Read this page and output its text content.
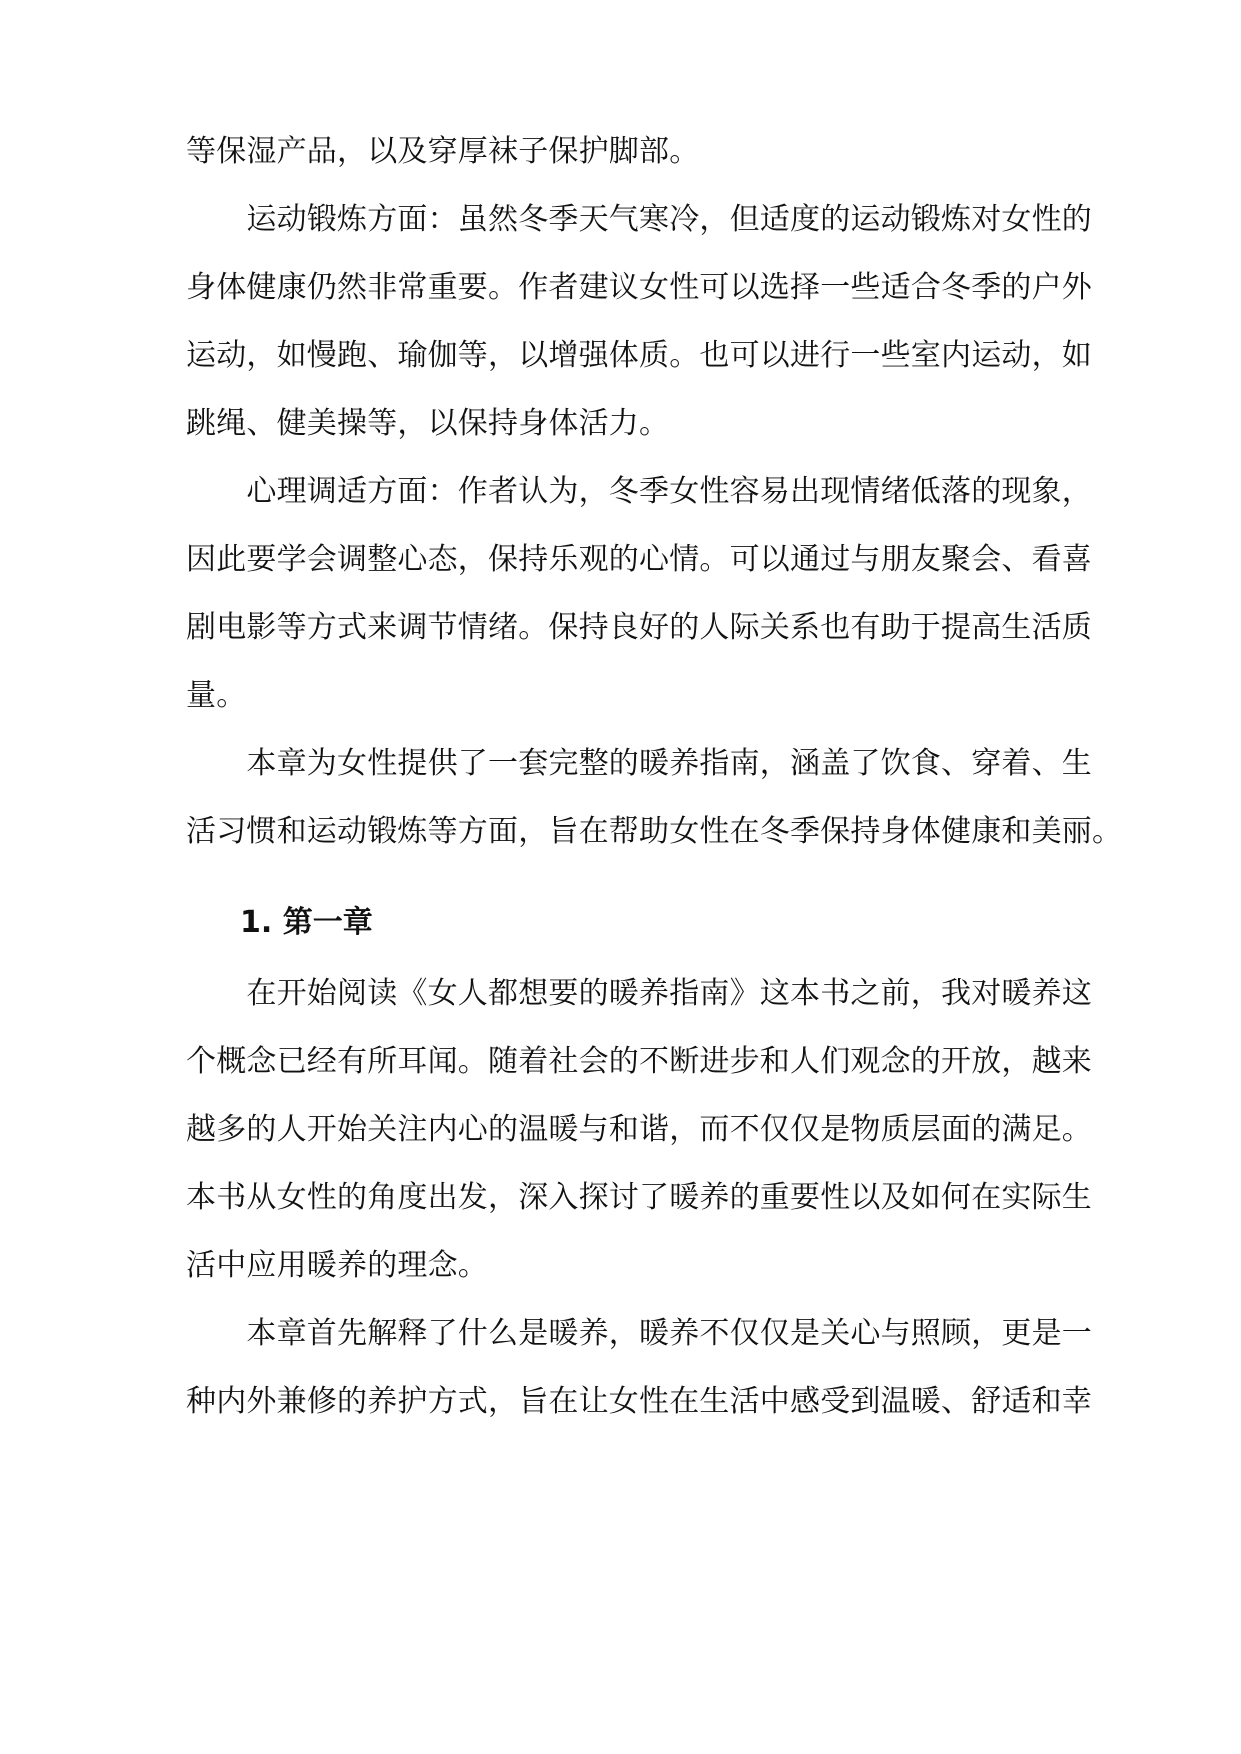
等保湿产品，以及穿厚袜子保护脚部。

　　运动锻炼方面：虽然冬季天气寒冷，但适度的运动锻炼对女性的

身体健康仍然非常重要。作者建议女性可以选择一些适合冬季的户外

运动，如慢跑、瑜伽等，以增强体质。也可以进行一些室内运动，如

跳绳、健美操等，以保持身体活力。

　　心理调适方面：作者认为，冬季女性容易出现情绪低落的现象，

因此要学会调整心态，保持乐观的心情。可以通过与朋友聚会、看喜

剧电影等方式来调节情绪。保持良好的人际关系也有助于提高生活质

量。

　　本章为女性提供了一套完整的暖养指南，涵盖了饮食、穿着、生

活习惯和运动锻炼等方面，旨在帮助女性在冬季保持身体健康和美丽。

1. 第一章

　　在开始阅读《女人都想要的暖养指南》这本书之前，我对暖养这

个概念已经有所耳闻。随着社会的不断进步和人们观念的开放，越来

越多的人开始关注内心的温暖与和谐，而不仅仅是物质层面的满足。

本书从女性的角度出发，深入探讨了暖养的重要性以及如何在实际生

活中应用暖养的理念。

　　本章首先解释了什么是暖养，暖养不仅仅是关心与照顾，更是一

种内外兼修的养护方式，旨在让女性在生活中感受到温暖、舒适和幸
